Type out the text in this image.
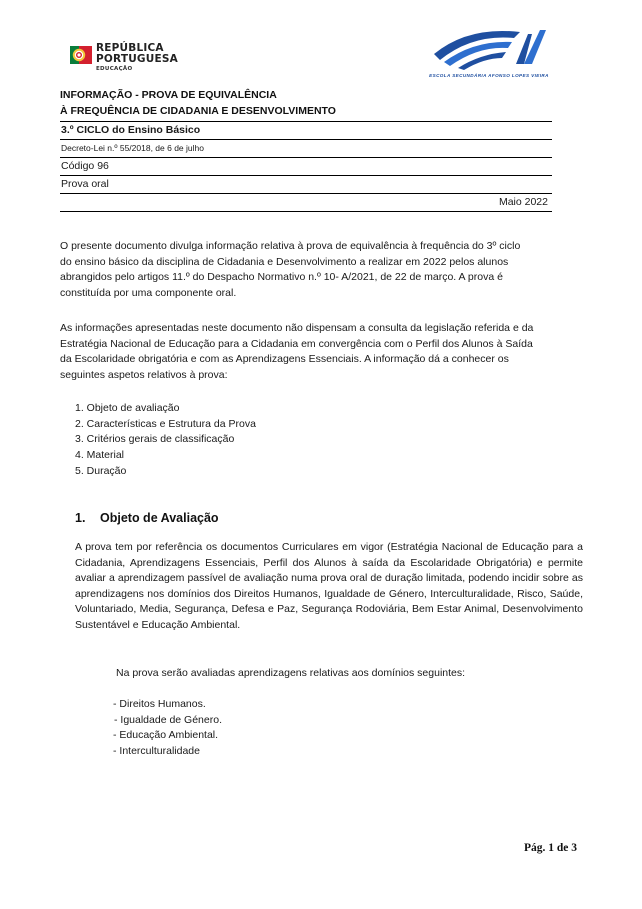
REPÚBLICA
PORTUGUESA
EDUCAÇÃO
ESCOLA SECUNDÁRIA AFONSO LOPES VIEIRA
INFORMAÇÃO - PROVA DE EQUIVALÊNCIA
À FREQUÊNCIA DE CIDADANIA E DESENVOLVIMENTO
3.º CICLO do Ensino Básico
Decreto-Lei n.º 55/2018, de 6 de julho
Código 96
Prova oral
Maio 2022
O presente documento divulga informação relativa à prova de equivalência à frequência do 3º ciclo do ensino básico da disciplina de Cidadania e Desenvolvimento a realizar em 2022 pelos alunos abrangidos pelo artigos 11.º do Despacho Normativo n.º 10- A/2021, de 22 de março. A prova é constituída por uma componente oral.
As informações apresentadas neste documento não dispensam a consulta da legislação referida e da Estratégia Nacional de Educação para a Cidadania em convergência com o Perfil dos Alunos à Saída da Escolaridade obrigatória e com as Aprendizagens Essenciais. A informação dá a conhecer os seguintes aspetos relativos à prova:
1. Objeto de avaliação
2. Características e Estrutura da Prova
3. Critérios gerais de classificação
4. Material
5. Duração
1. Objeto de Avaliação
A prova tem por referência os documentos Curriculares em vigor (Estratégia Nacional de Educação para a Cidadania, Aprendizagens Essenciais, Perfil dos Alunos à saída da Escolaridade Obrigatória) e permite avaliar a aprendizagem passível de avaliação numa prova oral de duração limitada, podendo incidir sobre as aprendizagens nos domínios dos Direitos Humanos, Igualdade de Género, Interculturalidade, Risco, Saúde, Voluntariado, Media, Segurança, Defesa e Paz, Segurança Rodoviária, Bem Estar Animal, Desenvolvimento Sustentável e Educação Ambiental.
Na prova serão avaliadas aprendizagens relativas aos domínios seguintes:
- Direitos Humanos.
- Igualdade de Género.
- Educação Ambiental.
- Interculturalidade
Pág. 1 de 3
